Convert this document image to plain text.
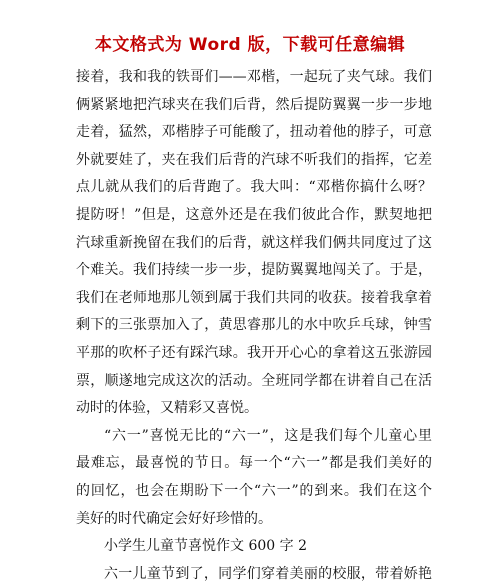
本文格式为 Word 版，下载可任意编辑
接着，我和我的铁哥们——邓楷，一起玩了夹气球。我们
俩紧紧地把汽球夹在我们后背，然后提防翼翼一步一步地
走着，猛然，邓楷脖子可能酸了，扭动着他的脖子，可意
外就要娃了，夹在我们后背的汽球不听我们的指挥，它差
点儿就从我们的后背跑了。我大叫：“邓楷你搞什么呀？
提防呀！”但是，这意外还是在我们彼此合作，默契地把
汽球重新挽留在我们的后背，就这样我们俩共同度过了这
个难关。我们持续一步一步，提防翼翼地闯关了。于是，
我们在老师地那儿领到属于我们共同的收获。接着我拿着
剩下的三张票加入了，黄思睿那儿的水中吹乒乓球，钟雪
平那的吹杯子还有踩汽球。我开开心心的拿着这五张游园
票，顺遂地完成这次的活动。全班同学都在讲着自己在活
动时的体验，又精彩又喜悦。
“六一”喜悦无比的“六一”，这是我们每个儿童心里
最难忘，最喜悦的节日。每一个“六一”都是我们美好的
的回忆，也会在期盼下一个“六一”的到来。我们在这个
美好的时代确定会好好珍惜的。
小学生儿童节喜悦作文 600 字 2
六一儿童节到了，同学们穿着美丽的校服，带着娇艳
